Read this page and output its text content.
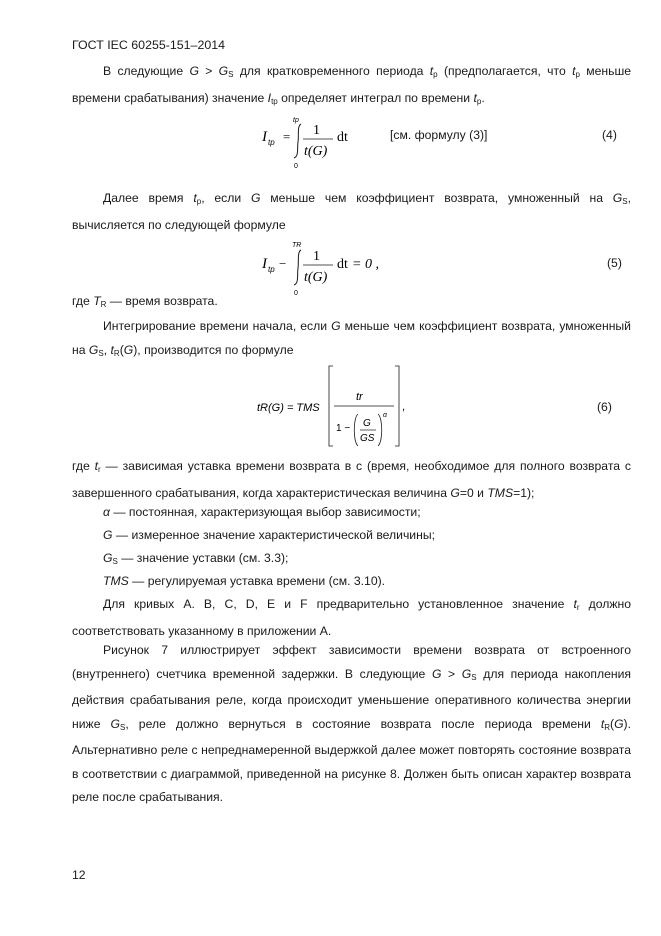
ГОСТ IEC 60255-151–2014
В следующие $G > G_S$ для кратковременного периода $t_p$ (предполагается, что $t_p$ меньше времени срабатывания) значение $I_{tp}$ определяет интеграл по времени $t_p$.
I tp =
tp
0
1
t(G)
dt	[см. формулу (3)]	(4)
Далее время $t_p$, если G меньше чем коэффициент возврата, умноженный на $G_S$, вычисляется по следующей формуле
I tp −
TR
0
1
t(G)
dt = 0 ,	(5)
где $T_R$ — время возврата.
Интегрирование времени начала, если G меньше чем коэффициент возврата, умноженный на $G_S$, $t_R(G)$, производится по формуле
tR(G) = TMS
tr
1 − G
GS
α
,	(6)
где $t_r$ — зависимая уставка времени возврата в с (время, необходимое для полного возврата с завершенного срабатывания, когда характеристическая величина G=0 и TMS=1);
α — постоянная, характеризующая выбор зависимости;
G — измеренное значение характеристической величины;
$G_S$ — значение уставки (см. 3.3);
TMS — регулируемая уставка времени (см. 3.10).
Для кривых A. B, C, D, E и F предварительно установленное значение $t_r$ должно соответствовать указанному в приложении A.
Рисунок 7 иллюстрирует эффект зависимости времени возврата от встроенного (внутреннего) счетчика временной задержки. В следующие $G > G_S$ для периода накопления действия срабатывания реле, когда происходит уменьшение оперативного количества энергии ниже $G_S$, реле должно вернуться в состояние возврата после периода времени $t_R(G)$. Альтернативно реле с непреднамеренной выдержкой далее может повторять состояние возврата в соответствии с диаграммой, приведенной на рисунке 8. Должен быть описан характер возврата реле после срабатывания.
12
